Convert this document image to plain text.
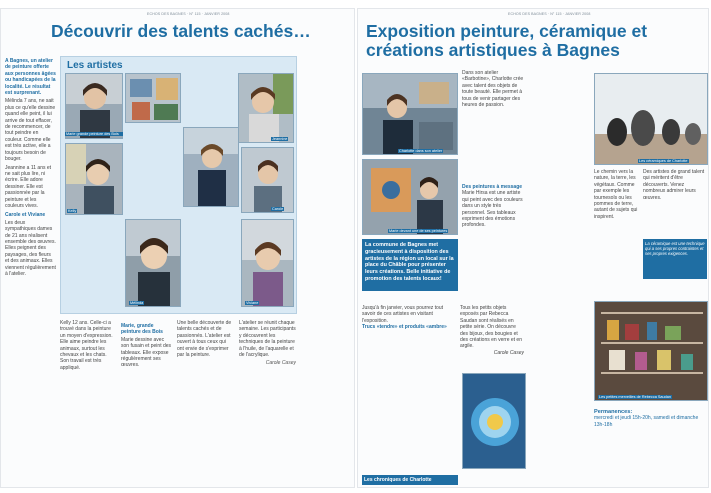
ECHOS DES BAGNES · N° 115 · JANVIER 2008
Découvrir des talents cachés…

A Bagnes, un atelier de peinture offerte aux personnes âgées ou handicapées de la localité. Le résultat est surprenant.

Mélinda 7 ans, ne sait plus ce qu'elle dessine quand elle peint, il lui arrive de tout effacer, de recommencer, de tout peindre en couleur. Comme elle est très active, elle a toujours besoin de bouger.

Jeannine a 11 ans et ne sait plus lire, ni écrire. Elle adore dessiner. Elle est passionnée par la peinture et les couleurs vives.

Carole et Viviane

Les deux sympathiques dames de 21 ans réalisent ensemble des œuvres. Elles peignent des paysages, des fleurs et des animaux. Elles viennent régulièrement à l'atelier.

Les artistes
Marie grande peinture des Bois
Jeannine
Kelly	Carole
Mélinda	Viviane

Kelly 12 ans. Celle-ci a trouvé dans la peinture un moyen d'expression. Elle aime peindre les animaux, surtout les chevaux et les chats. Son travail est très appliqué.

Marie, grande peinture des Bois

Marie dessine avec son fusain et peint des tableaux. Elle expose régulièrement ses œuvres.

Une belle découverte de talents cachés et de passionnés. L'atelier est ouvert à tous ceux qui ont envie de s'exprimer par la peinture.

L'atelier se réunit chaque semaine. Les participants y découvrent les techniques de la peinture à l'huile, de l'aquarelle et de l'acrylique.

Carole Casey
ECHOS DES BAGNES · N° 115 · JANVIER 2008
Exposition peinture, céramique et créations artistiques à Bagnes
Charlotte dans son atelier
Marie devant une de ses peintures

Dans son atelier «Barbotine», Charlotte crée avec talent des objets de toute beauté. Elle permet à tous de venir partager des heures de passion.

Des peintures à message

Marie Hirsa est une artiste qui peint avec des couleurs dans un style très personnel. Ses tableaux expriment des émotions profondes.

La commune de Bagnes met gracieusement à disposition des artistes de la région un local sur la place du Châble pour présenter leurs créations. Belle initiative de promotion des talents locaux!

Jusqu'à fin janvier, vous pourrez tout savoir de ces artistes en visitant l'exposition.

Trucs «tendre» et produits «ambre»

Tous les petits objets exposés par Rebecca Saudan sont réalisés en petite série. On découvre des bijoux, des bougies et des créations en verre et en argile.

Carole Casey
Les chroniques de Charlotte
Les céramiques de Charlotte

Le chemin vers la nature, la terre, les végétaux. Comme par exemple les tournesols ou les pommes de terre, autant de sujets qui inspirent.

Des artistes de grand talent qui méritent d'être découverts. Venez nombreux admirer leurs œuvres.

La céramique est une technique qui a ses propres contraintes et ses propres exigences.
Les petites merveilles de Rebecca Saudan
Permanences:

mercredi et jeudi 15h-20h, samedi et dimanche 13h-18h
